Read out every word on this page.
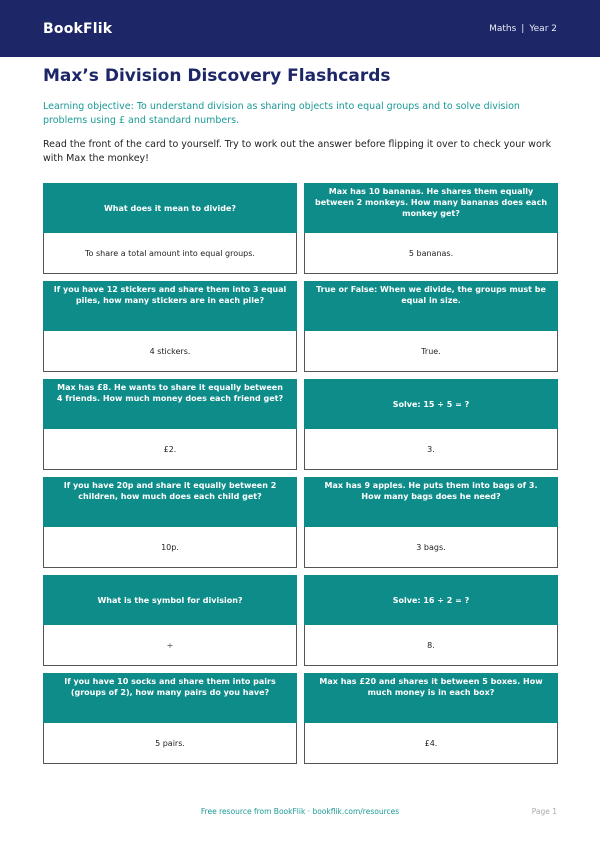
BookFlik	Maths | Year 2
Max’s Division Discovery Flashcards

Learning objective: To understand division as sharing objects into equal groups and to solve division problems using £ and standard numbers.

Read the front of the card to yourself. Try to work out the answer before flipping it over to check your work with Max the monkey!

What does it mean to divide?
To share a total amount into equal groups.
Max has 10 bananas. He shares them equally between 2 monkeys. How many bananas does each monkey get?
5 bananas.
If you have 12 stickers and share them into 3 equal piles, how many stickers are in each pile?
4 stickers.
True or False: When we divide, the groups must be equal in size.
True.
Max has £8. He wants to share it equally between 4 friends. How much money does each friend get?
£2.
Solve: 15 ÷ 5 = ?
3.
If you have 20p and share it equally between 2 children, how much does each child get?
10p.
Max has 9 apples. He puts them into bags of 3. How many bags does he need?
3 bags.
What is the symbol for division?
÷
Solve: 16 ÷ 2 = ?
8.
If you have 10 socks and share them into pairs (groups of 2), how many pairs do you have?
5 pairs.
Max has £20 and shares it between 5 boxes. How much money is in each box?
£4.
Free resource from BookFlik · bookflik.com/resources	Page 1
